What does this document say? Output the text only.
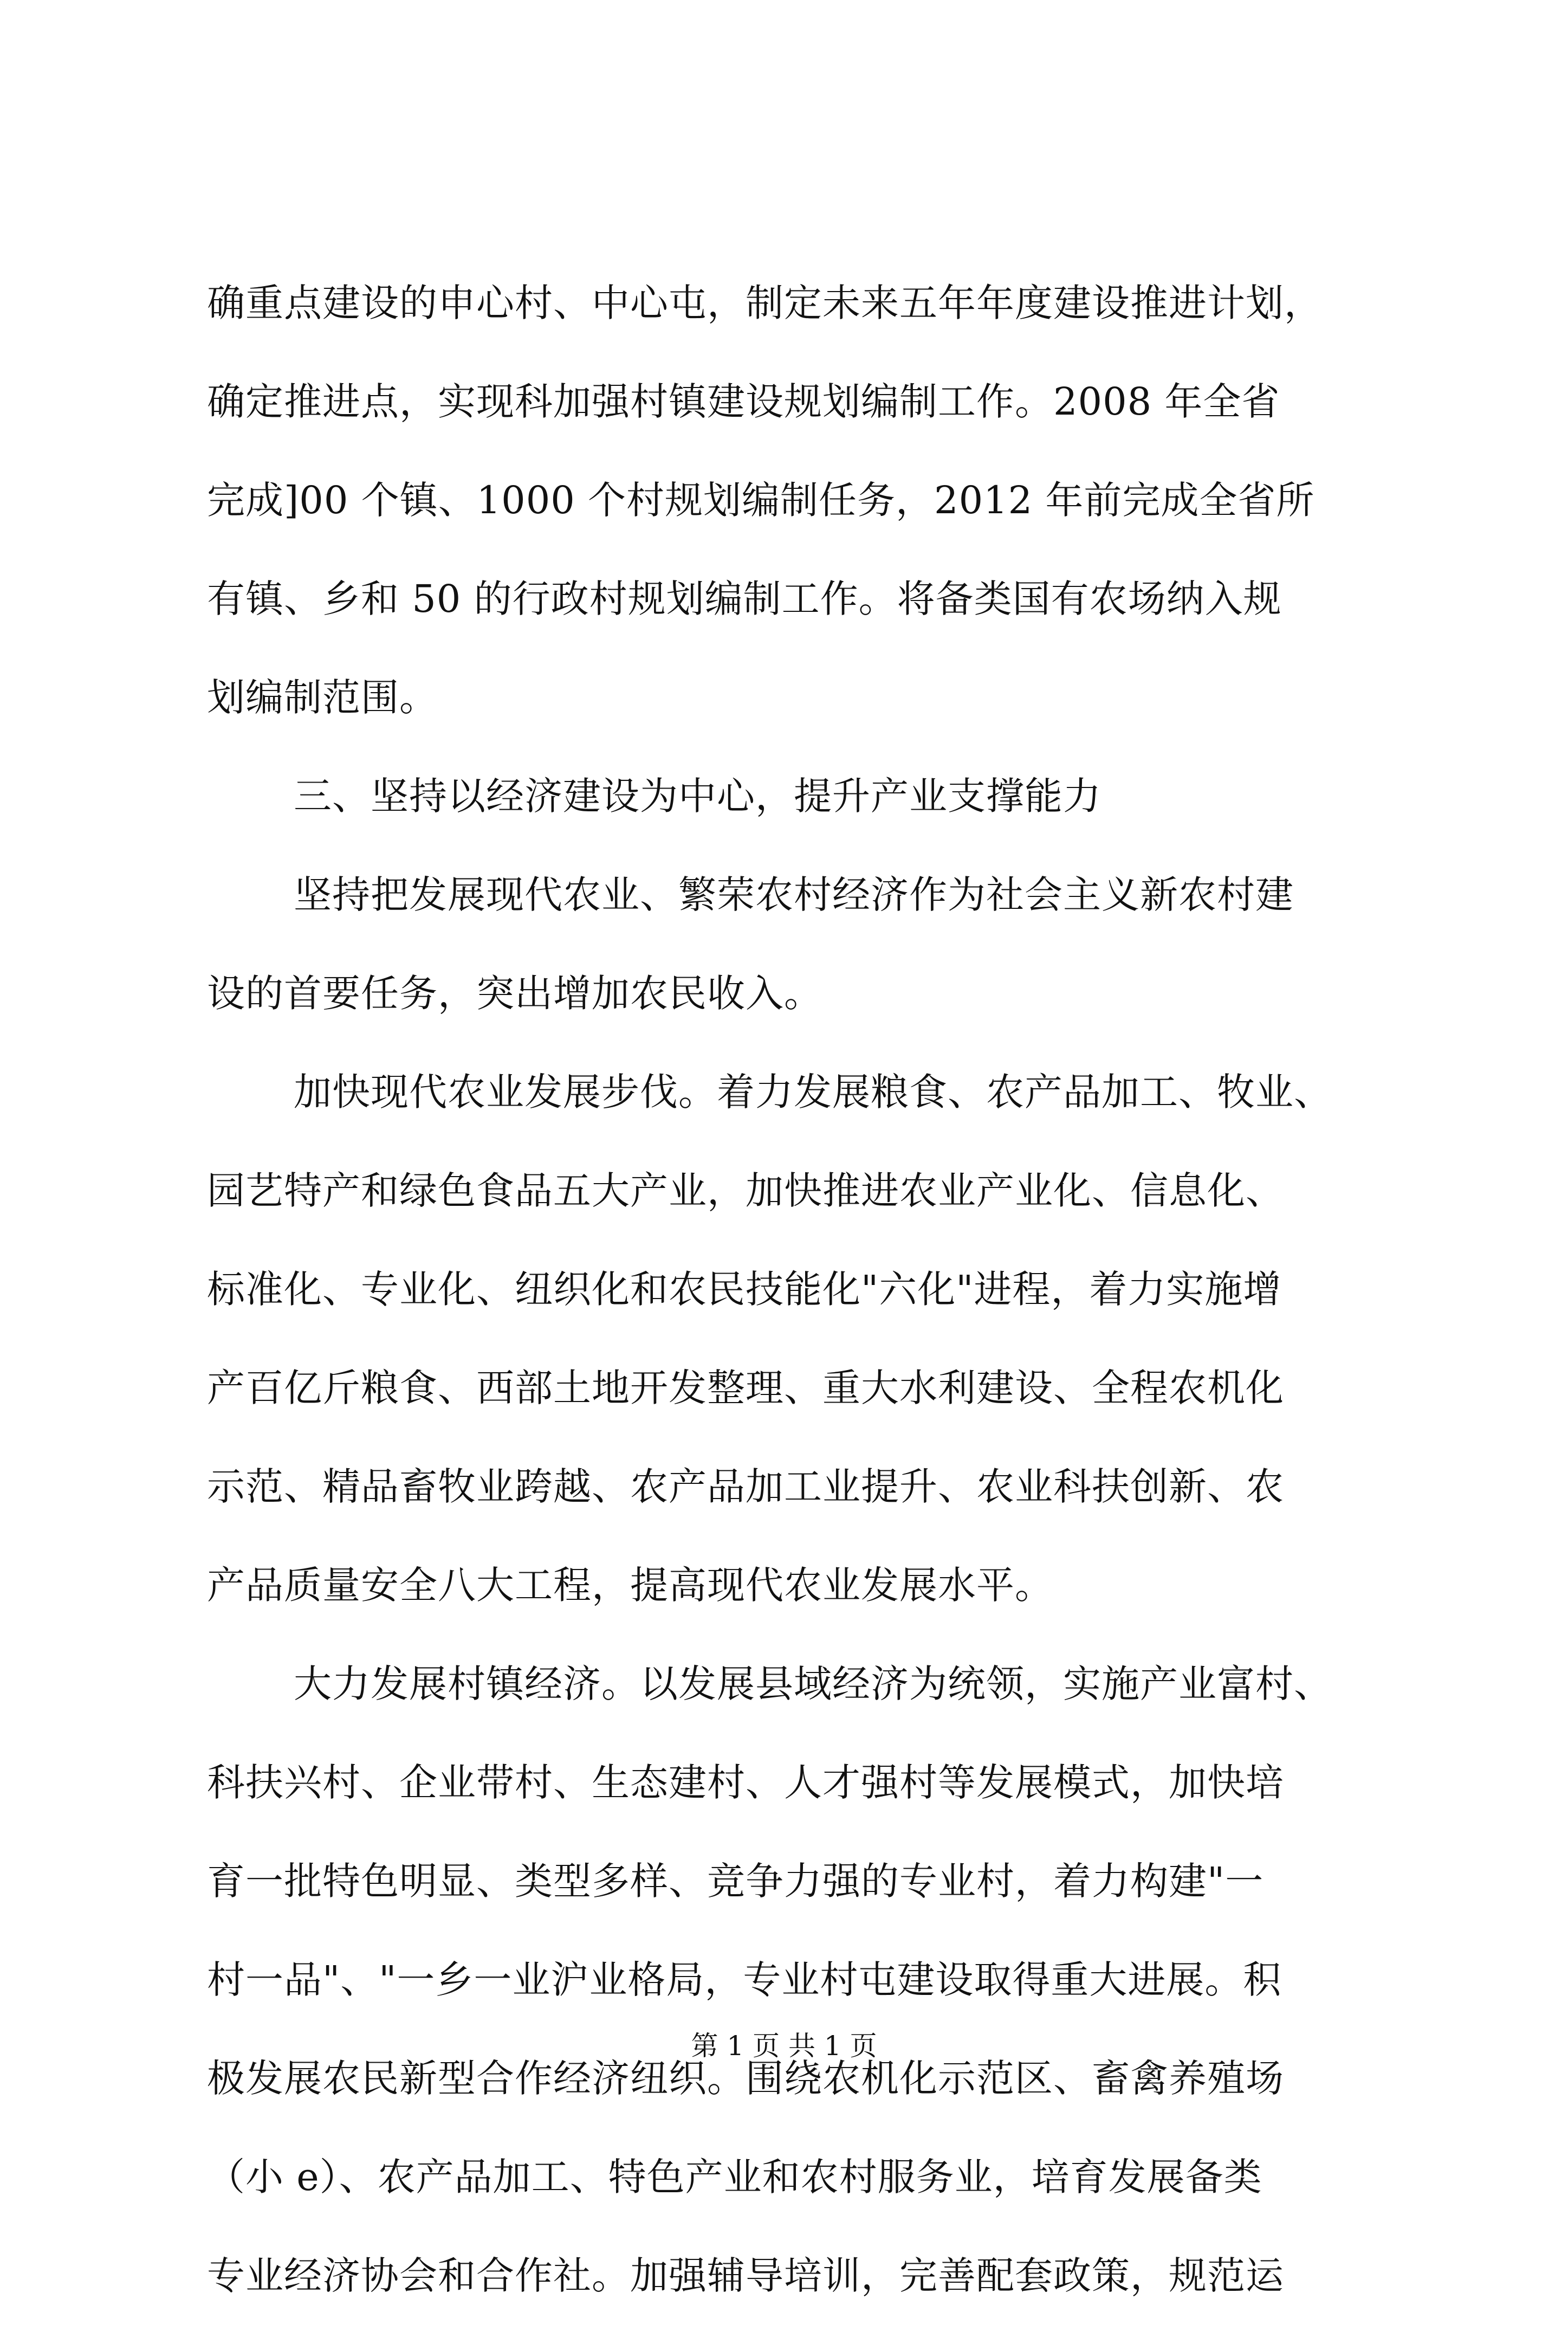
确重点建设的申心村、中心屯，制定未来五年年度建设推进计划，
确定推进点，实现科加强村镇建设规划编制工作。2008 年全省
完成]00 个镇、1000 个村规划编制任务，2012 年前完成全省所
有镇、乡和 50 的行政村规划编制工作。将备类国有农场纳入规
划编制范围。
三、坚持以经济建设为中心，提升产业支撑能力
坚持把发展现代农业、繁荣农村经济作为社会主义新农村建
设的首要任务，突出增加农民收入。
加快现代农业发展步伐。着力发展粮食、农产品加工、牧业、
园艺特产和绿色食品五大产业，加快推进农业产业化、信息化、
标准化、专业化、纽织化和农民技能化"六化"进程，着力实施增
产百亿斤粮食、西部土地开发整理、重大水利建设、全程农机化
示范、精品畜牧业跨越、农产品加工业提升、农业科扶创新、农
产品质量安全八大工程，提高现代农业发展水平。
大力发展村镇经济。以发展县域经济为统领，实施产业富村、
科扶兴村、企业带村、生态建村、人才强村等发展模式，加快培
育一批特色明显、类型多样、竞争力强的专业村，着力构建"一
村一品"、"一乡一业沪业格局，专业村屯建设取得重大进展。积
极发展农民新型合作经济纽织。围绕农机化示范区、畜禽养殖场
（小 e）、农产品加工、特色产业和农村服务业，培育发展备类
专业经济协会和合作社。加强辅导培训，完善配套政策，规范运
第 1 页 共 1 页
